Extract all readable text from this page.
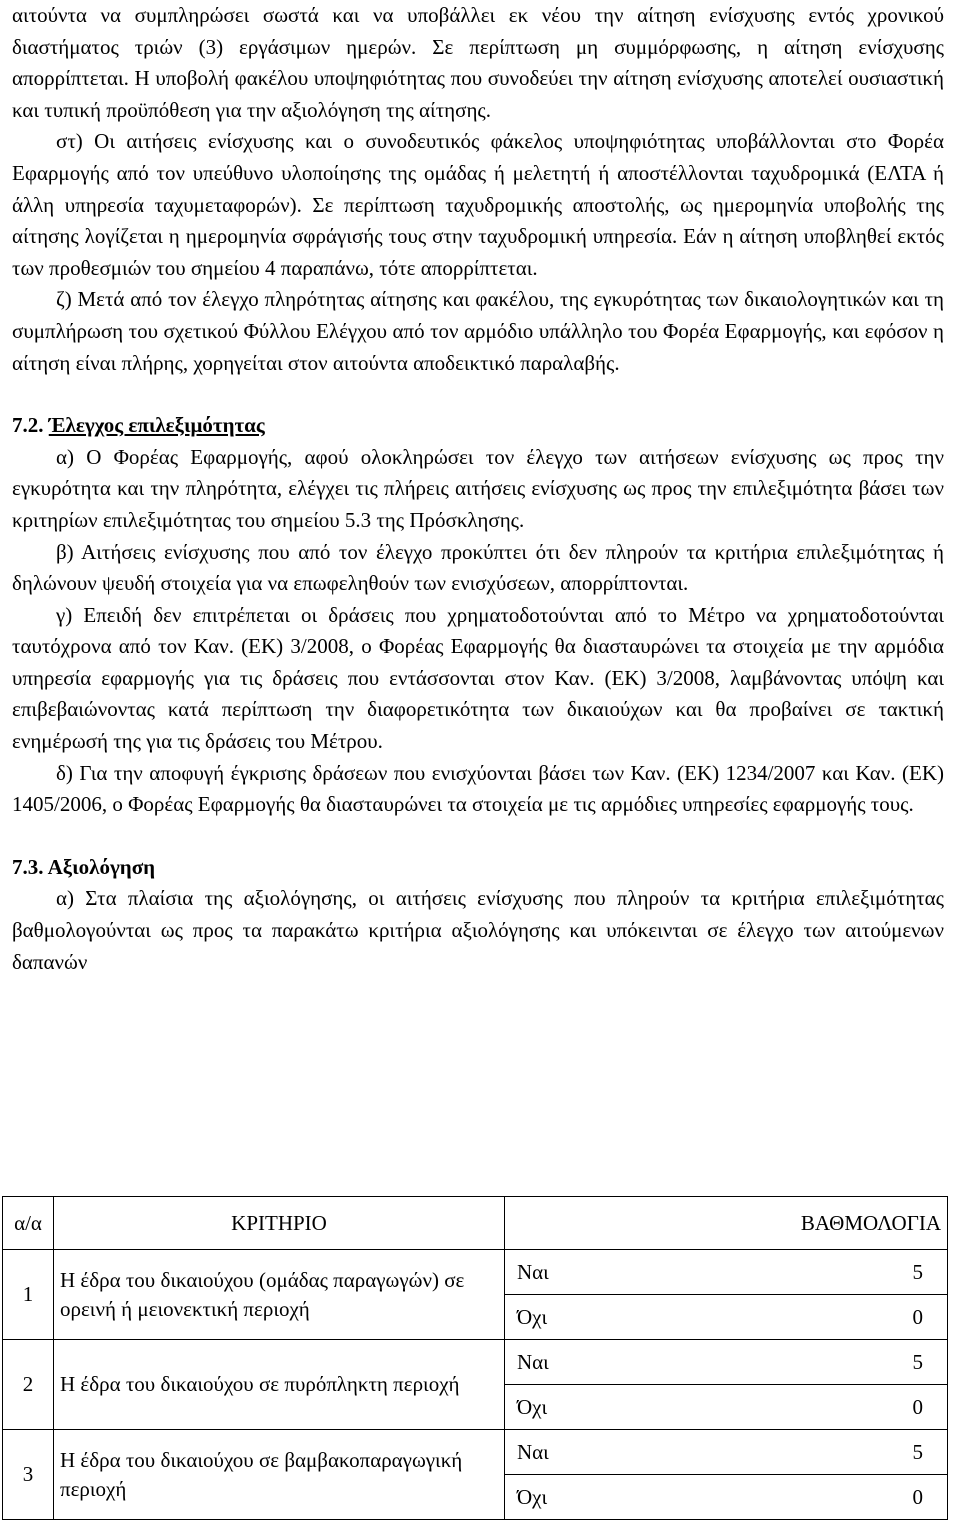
αιτούντα να συμπληρώσει σωστά και να υποβάλλει εκ νέου την αίτηση ενίσχυσης εντός χρονικού διαστήματος τριών (3) εργάσιμων ημερών. Σε περίπτωση μη συμμόρφωσης, η αίτηση ενίσχυσης απορρίπτεται. Η υποβολή φακέλου υποψηφιότητας που συνοδεύει την αίτηση ενίσχυσης αποτελεί ουσιαστική και τυπική προϋπόθεση για την αξιολόγηση της αίτησης.

στ) Οι αιτήσεις ενίσχυσης και ο συνοδευτικός φάκελος υποψηφιότητας υποβάλλονται στο Φορέα Εφαρμογής από τον υπεύθυνο υλοποίησης της ομάδας ή μελετητή ή αποστέλλονται ταχυδρομικά (ΕΛΤΑ ή άλλη υπηρεσία ταχυμεταφορών). Σε περίπτωση ταχυδρομικής αποστολής, ως ημερομηνία υποβολής της αίτησης λογίζεται η ημερομηνία σφράγισής τους στην ταχυδρομική υπηρεσία. Εάν η αίτηση υποβληθεί εκτός των προθεσμιών του σημείου 4 παραπάνω, τότε απορρίπτεται.

ζ) Μετά από τον έλεγχο πληρότητας αίτησης και φακέλου, της εγκυρότητας των δικαιολογητικών και τη συμπλήρωση του σχετικού Φύλλου Ελέγχου από τον αρμόδιο υπάλληλο του Φορέα Εφαρμογής, και εφόσον η αίτηση είναι πλήρης, χορηγείται στον αιτούντα αποδεικτικό παραλαβής.

7.2. Έλεγχος επιλεξιμότητας

α) Ο Φορέας Εφαρμογής, αφού ολοκληρώσει τον έλεγχο των αιτήσεων ενίσχυσης ως προς την εγκυρότητα και την πληρότητα, ελέγχει τις πλήρεις αιτήσεις ενίσχυσης ως προς την επιλεξιμότητα βάσει των κριτηρίων επιλεξιμότητας του σημείου 5.3 της Πρόσκλησης.

β) Αιτήσεις ενίσχυσης που από τον έλεγχο προκύπτει ότι δεν πληρούν τα κριτήρια επιλεξιμότητας ή δηλώνουν ψευδή στοιχεία για να επωφεληθούν των ενισχύσεων, απορρίπτονται.

γ) Επειδή δεν επιτρέπεται οι δράσεις που χρηματοδοτούνται από το Μέτρο να χρηματοδοτούνται ταυτόχρονα από τον Καν. (ΕΚ) 3/2008, ο Φορέας Εφαρμογής θα διασταυρώνει τα στοιχεία με την αρμόδια υπηρεσία εφαρμογής για τις δράσεις που εντάσσονται στον Καν. (ΕΚ) 3/2008, λαμβάνοντας υπόψη και επιβεβαιώνοντας κατά περίπτωση την διαφορετικότητα των δικαιούχων και θα προβαίνει σε τακτική ενημέρωσή της για τις δράσεις του Μέτρου.

δ) Για την αποφυγή έγκρισης δράσεων που ενισχύονται βάσει των Καν. (ΕΚ) 1234/2007 και Καν. (ΕΚ) 1405/2006, ο Φορέας Εφαρμογής θα διασταυρώνει τα στοιχεία με τις αρμόδιες υπηρεσίες εφαρμογής τους.

7.3. Αξιολόγηση

α) Στα πλαίσια της αξιολόγησης, οι αιτήσεις ενίσχυσης που πληρούν τα κριτήρια επιλεξιμότητας βαθμολογούνται ως προς τα παρακάτω κριτήρια αξιολόγησης και υπόκεινται σε έλεγχο των αιτούμενων δαπανών

α/α	ΚΡΙΤΗΡΙΟ	ΒΑΘΜΟΛΟΓΙΑ
1	Η έδρα του δικαιούχου (ομάδας παραγωγών) σε ορεινή ή μειονεκτική περιοχή	Ναι 5
Όχι 0

2	Η έδρα του δικαιούχου σε πυρόπληκτη περιοχή	Ναι 5
Όχι 0

3	Η έδρα του δικαιούχου σε βαμβακοπαραγωγική περιοχή	Ναι 5
Όχι 0
